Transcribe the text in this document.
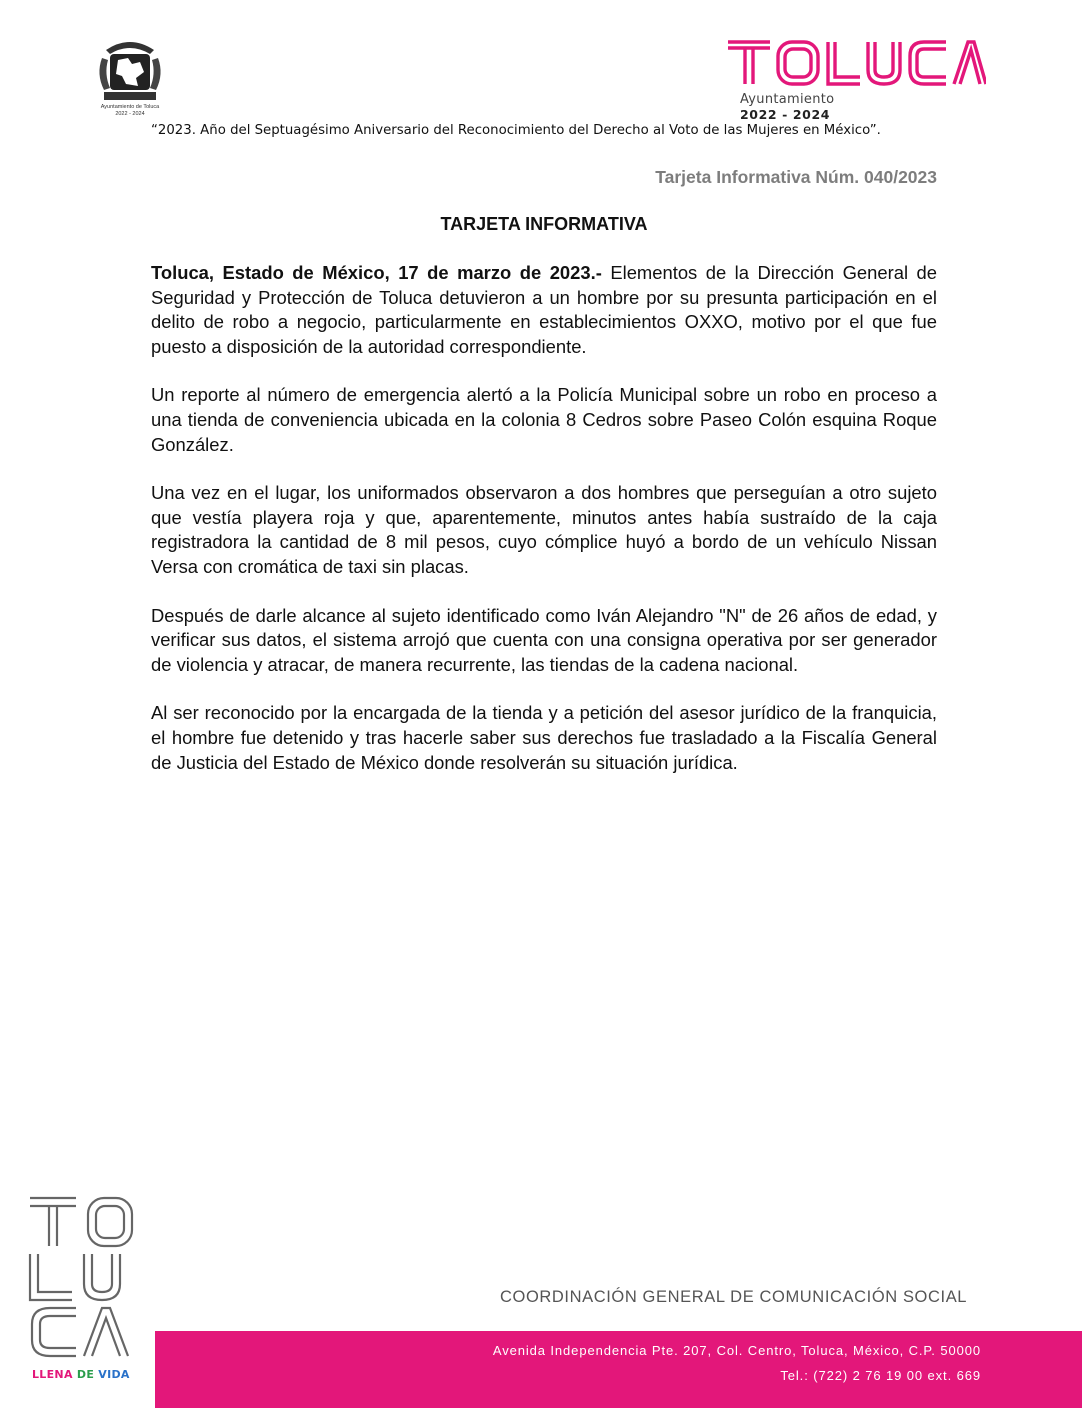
Ayuntamiento de Toluca
2022 - 2024
Ayuntamiento
2022 - 2024
“2023. Año del Septuagésimo Aniversario del Reconocimiento del Derecho al Voto de las Mujeres en México”.
Tarjeta Informativa Núm. 040/2023
TARJETA INFORMATIVA

Toluca, Estado de México, 17 de marzo de 2023.- Elementos de la Dirección General de Seguridad y Protección de Toluca detuvieron a un hombre por su presunta participación en el delito de robo a negocio, particularmente en establecimientos OXXO, motivo por el que fue puesto a disposición de la autoridad correspondiente.

Un reporte al número de emergencia alertó a la Policía Municipal sobre un robo en proceso a una tienda de conveniencia ubicada en la colonia 8 Cedros sobre Paseo Colón esquina Roque González.

Una vez en el lugar, los uniformados observaron a dos hombres que perseguían a otro sujeto que vestía playera roja y que, aparentemente, minutos antes había sustraído de la caja registradora la cantidad de 8 mil pesos, cuyo cómplice huyó a bordo de un vehículo Nissan Versa con cromática de taxi sin placas.

Después de darle alcance al sujeto identificado como Iván Alejandro "N" de 26 años de edad, y verificar sus datos, el sistema arrojó que cuenta con una consigna operativa por ser generador de violencia y atracar, de manera recurrente, las tiendas de la cadena nacional.

Al ser reconocido por la encargada de la tienda y a petición del asesor jurídico de la franquicia, el hombre fue detenido y tras hacerle saber sus derechos fue trasladado a la Fiscalía General de Justicia del Estado de México donde resolverán su situación jurídica.

LLENA DE VIDA
COORDINACIÓN GENERAL DE COMUNICACIÓN SOCIAL
Avenida Independencia Pte. 207, Col. Centro, Toluca, México, C.P. 50000
Tel.: (722) 2 76 19 00 ext. 669
